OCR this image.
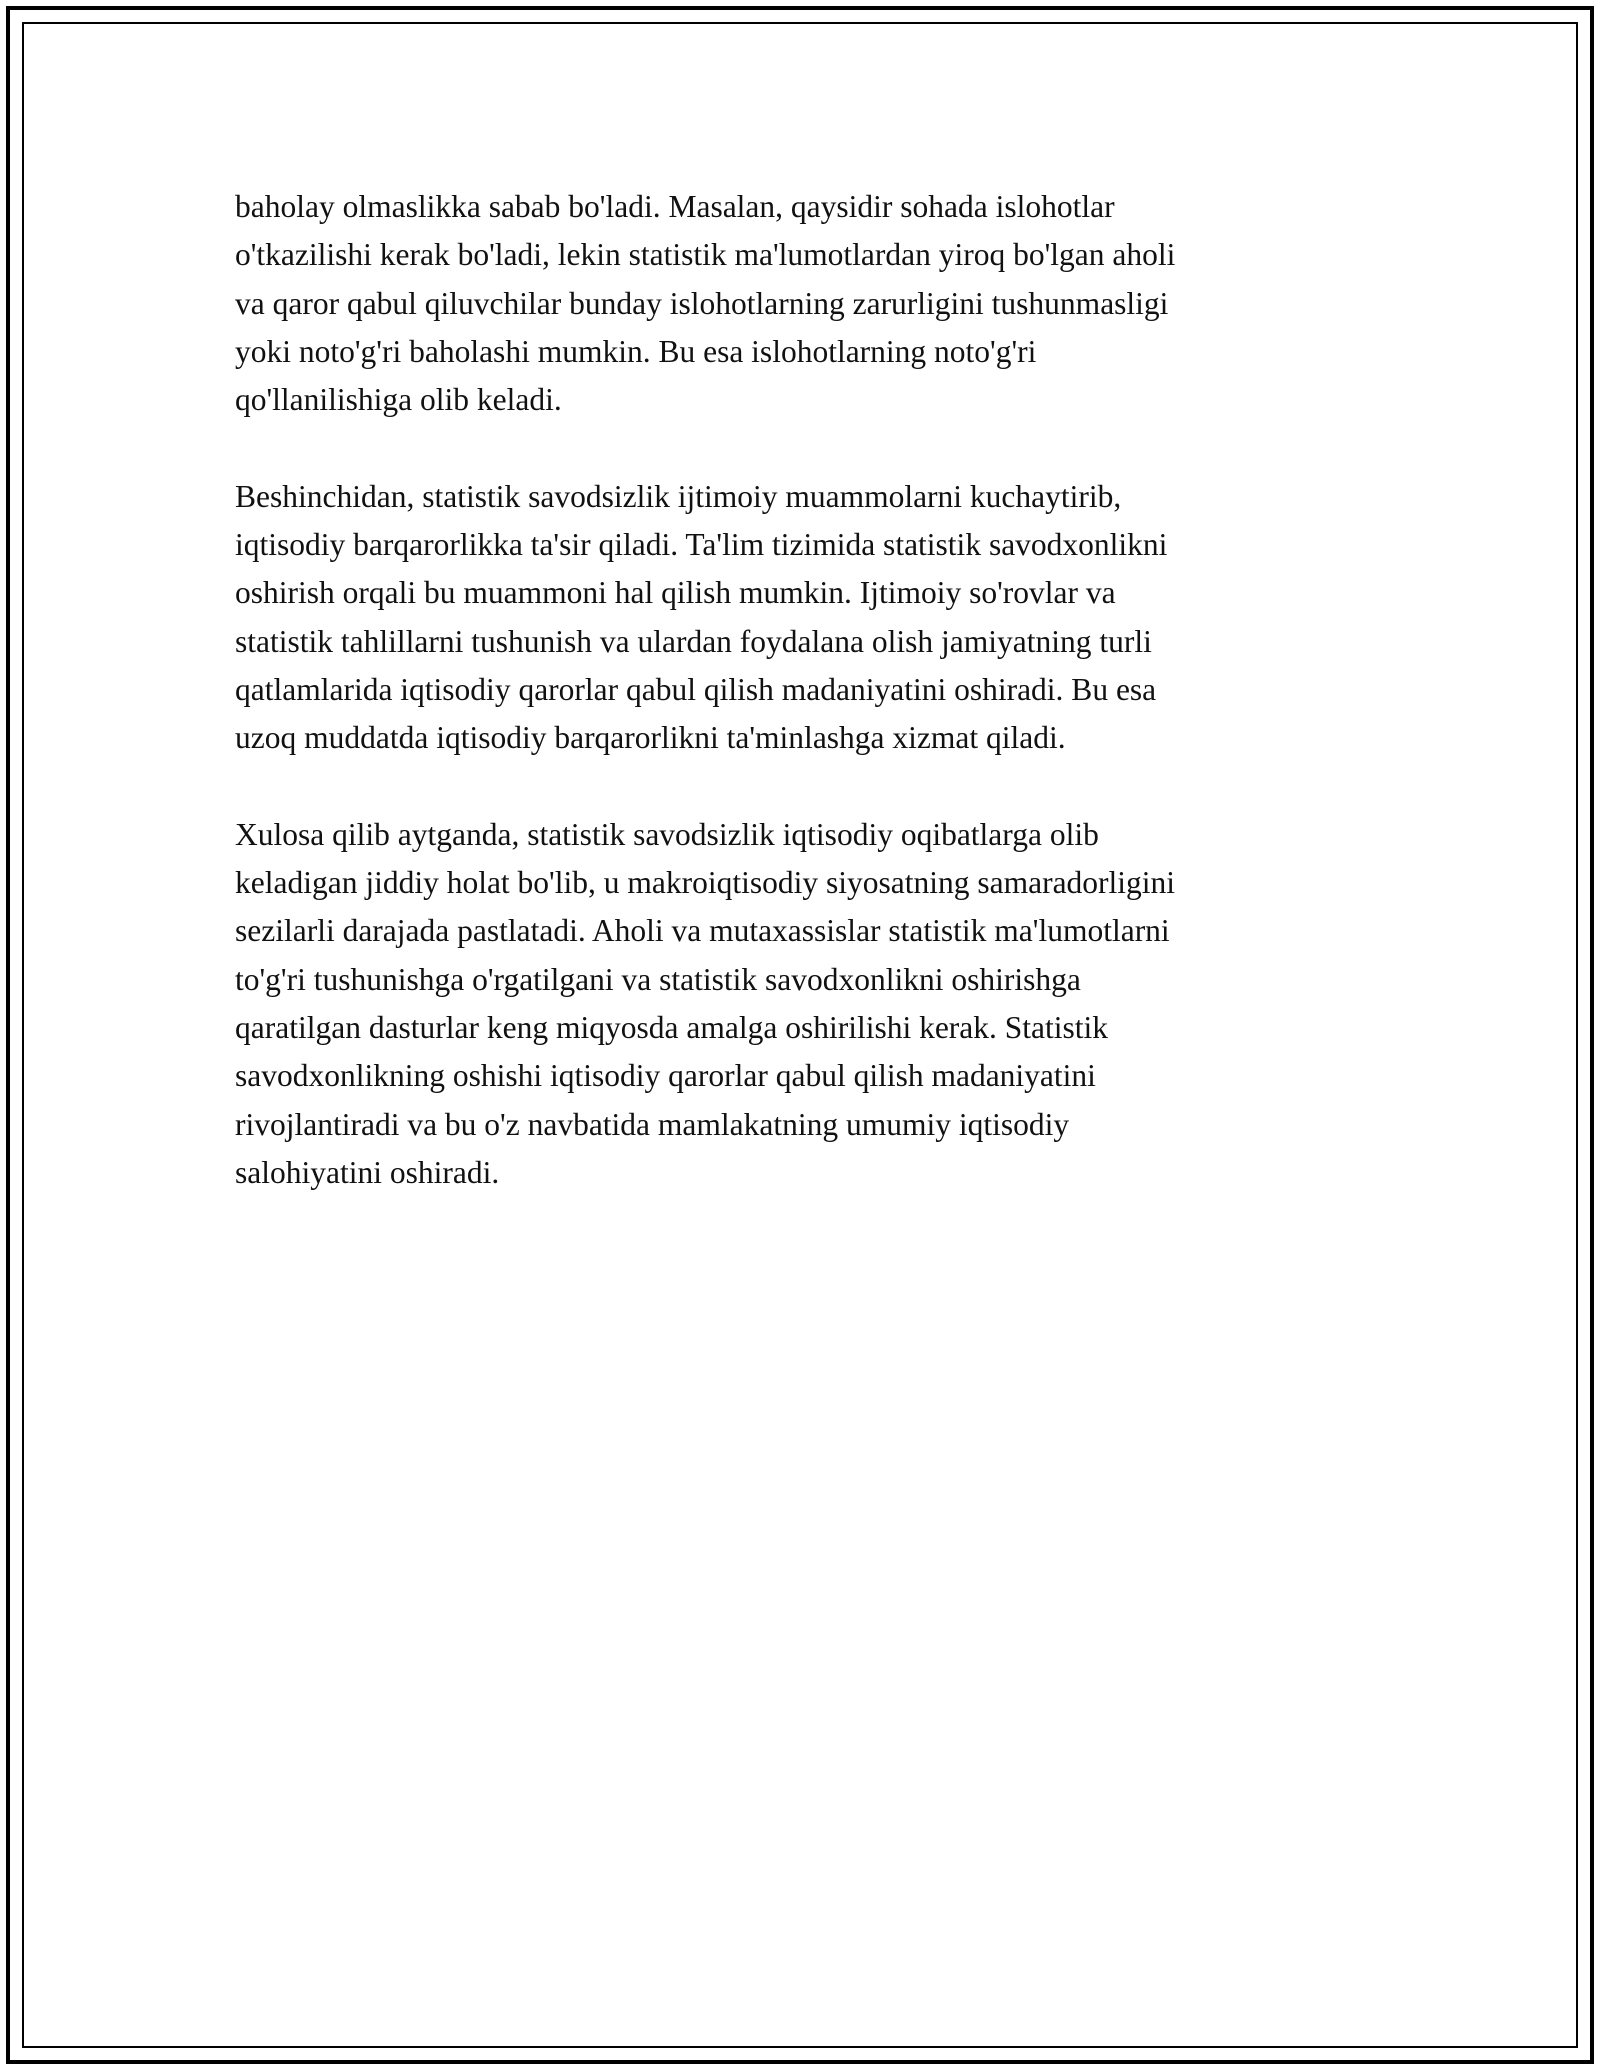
baholay olmaslikka sabab bo'ladi. Masalan, qaysidir sohada islohotlar
o'tkazilishi kerak bo'ladi, lekin statistik ma'lumotlardan yiroq bo'lgan aholi
va qaror qabul qiluvchilar bunday islohotlarning zarurligini tushunmasligi
yoki noto'g'ri baholashi mumkin. Bu esa islohotlarning noto'g'ri
qo'llanilishiga olib keladi.

Beshinchidan, statistik savodsizlik ijtimoiy muammolarni kuchaytirib,
iqtisodiy barqarorlikka ta'sir qiladi. Ta'lim tizimida statistik savodxonlikni
oshirish orqali bu muammoni hal qilish mumkin. Ijtimoiy so'rovlar va
statistik tahlillarni tushunish va ulardan foydalana olish jamiyatning turli
qatlamlarida iqtisodiy qarorlar qabul qilish madaniyatini oshiradi. Bu esa
uzoq muddatda iqtisodiy barqarorlikni ta'minlashga xizmat qiladi.

Xulosa qilib aytganda, statistik savodsizlik iqtisodiy oqibatlarga olib
keladigan jiddiy holat bo'lib, u makroiqtisodiy siyosatning samaradorligini
sezilarli darajada pastlatadi. Aholi va mutaxassislar statistik ma'lumotlarni
to'g'ri tushunishga o'rgatilgani va statistik savodxonlikni oshirishga
qaratilgan dasturlar keng miqyosda amalga oshirilishi kerak. Statistik
savodxonlikning oshishi iqtisodiy qarorlar qabul qilish madaniyatini
rivojlantiradi va bu o'z navbatida mamlakatning umumiy iqtisodiy
salohiyatini oshiradi.
